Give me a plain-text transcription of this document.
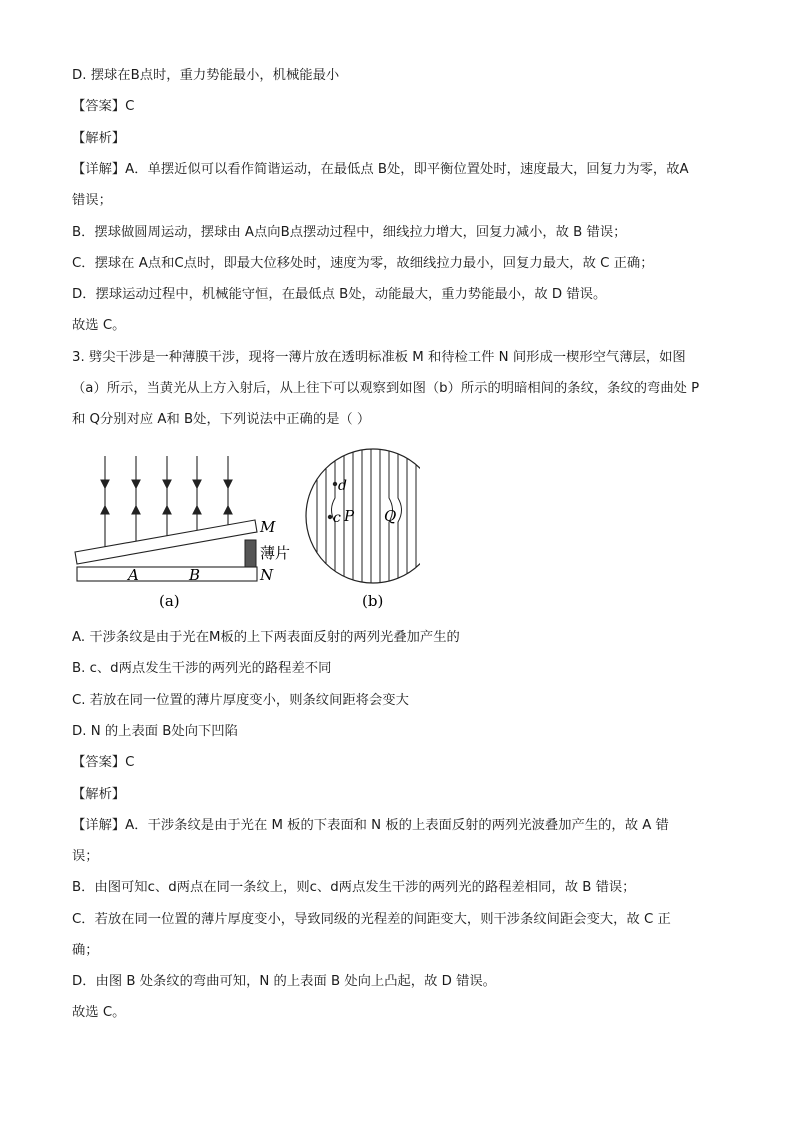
D. 摆球在B点时，重力势能最小，机械能最小
【答案】C
【解析】
【详解】A．单摆近似可以看作简谐运动，在最低点 B处，即平衡位置处时，速度最大，回复力为零，故A
错误；
B．摆球做圆周运动，摆球由 A点向B点摆动过程中，细线拉力增大，回复力减小，故 B 错误；
C．摆球在 A点和C点时，即最大位移处时，速度为零，故细线拉力最小，回复力最大，故 C 正确；
D．摆球运动过程中，机械能守恒，在最低点 B处，动能最大，重力势能最小，故 D 错误。
故选 C。
3. 劈尖干涉是一种薄膜干涉，现将一薄片放在透明标准板 M 和待检工件 N 间形成一楔形空气薄层，如图
（a）所示，当黄光从上方入射后，从上往下可以观察到如图（b）所示的明暗相间的条纹，条纹的弯曲处 P
和 Q分别对应 A和 B处，下列说法中正确的是（ ）
M
薄片
N
A	B
(a)
d
c P Q
(b)
A. 干涉条纹是由于光在M板的上下两表面反射的两列光叠加产生的
B. c、d两点发生干涉的两列光的路程差不同
C. 若放在同一位置的薄片厚度变小，则条纹间距将会变大
D. N 的上表面 B处向下凹陷
【答案】C
【解析】
【详解】A．干涉条纹是由于光在 M 板的下表面和 N 板的上表面反射的两列光波叠加产生的，故 A 错
误；
B．由图可知c、d两点在同一条纹上，则c、d两点发生干涉的两列光的路程差相同，故 B 错误；
C．若放在同一位置的薄片厚度变小，导致同级的光程差的间距变大，则干涉条纹间距会变大，故 C 正
确；
D．由图 B 处条纹的弯曲可知，N 的上表面 B 处向上凸起，故 D 错误。
故选 C。
